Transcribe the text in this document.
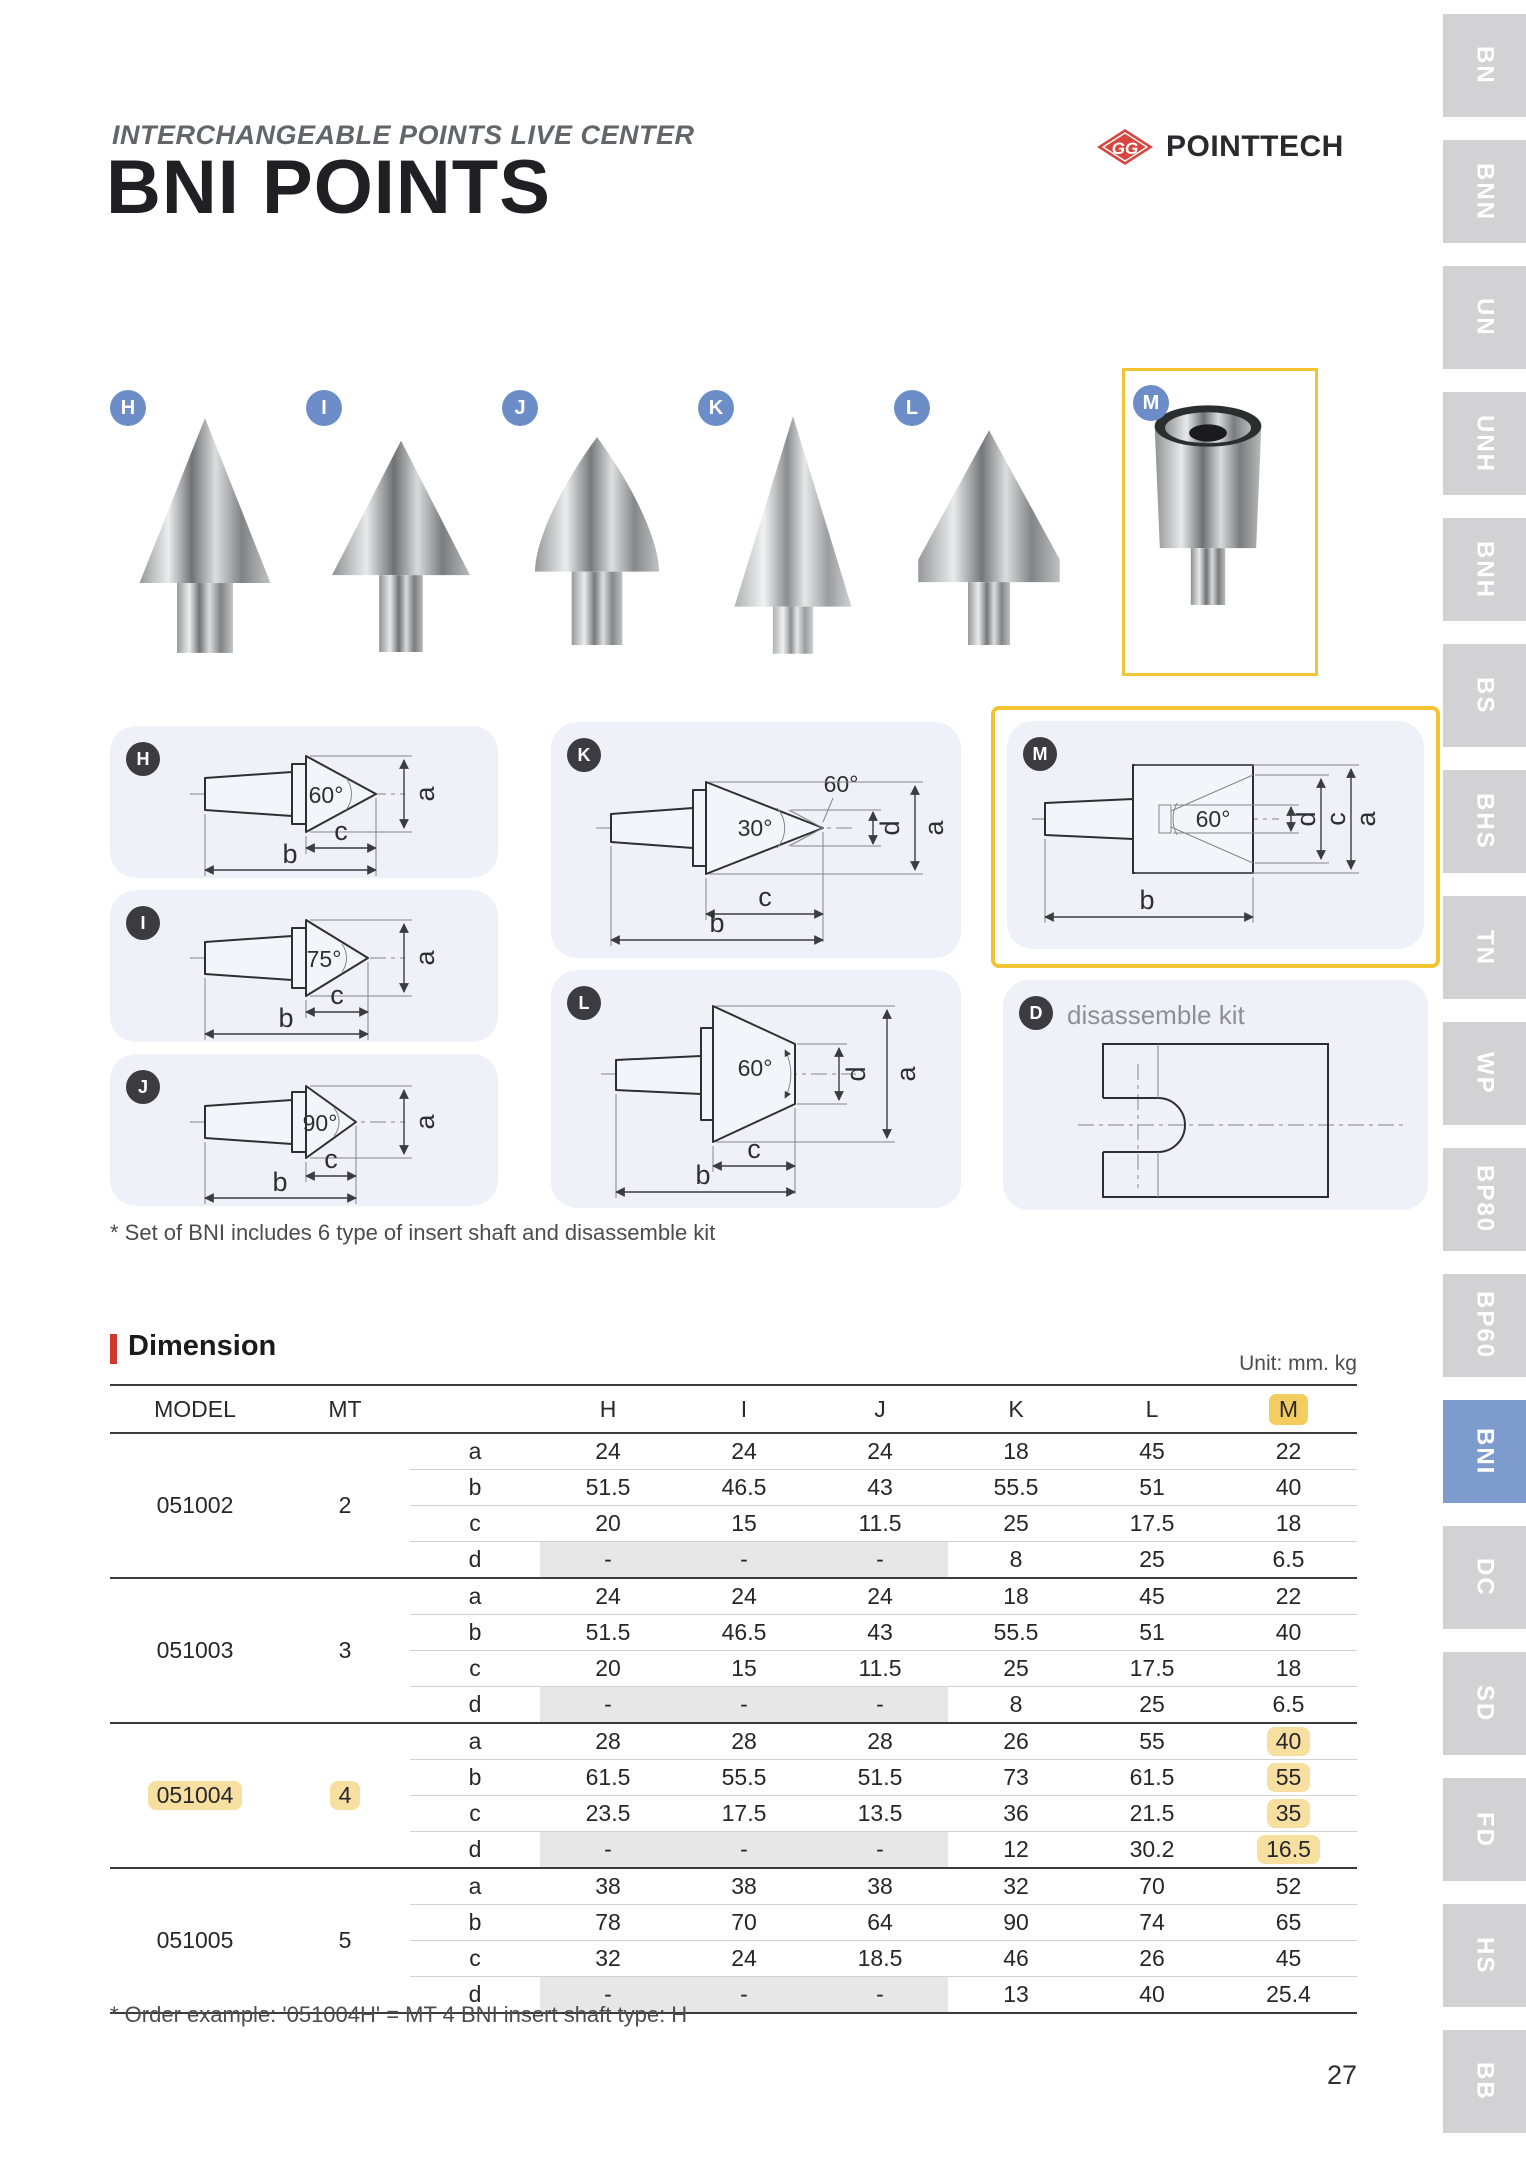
INTERCHANGEABLE POINTS LIVE CENTER	GG POINTTECH
BNI POINTS
H	I	J	K	L	M
H
60° a
c
b
I
75°	a
c
b
J
90°	a
c
b
K
60°
30°	d a
c
b
L
60°	d a
c
b
M
60° d c a
b
D disassemble kit
* Set of BNI includes 6 type of insert shaft and disassemble kit
Dimension
Unit: mm. kg
MODEL	MT		H	I	J	K	L	M
051002	2	a	24	24	24	18	45	22
		b	51.5	46.5	43	55.5	51	40
		c	20	15	11.5	25	17.5	18
		d	-	-	-	8	25	6.5
051003	3	a	24	24	24	18	45	22
		b	51.5	46.5	43	55.5	51	40
		c	20	15	11.5	25	17.5	18
		d	-	-	-	8	25	6.5
051004	4	a	28	28	28	26	55	40
		b	61.5	55.5	51.5	73	61.5	55
		c	23.5	17.5	13.5	36	21.5	35
		d	-	-	-	12	30.2	16.5
051005	5	a	38	38	38	32	70	52
		b	78	70	64	90	74	65
		c	32	24	18.5	46	26	45
		d	-	-	-	13	40	25.4
* Order example: '051004H' = MT 4 BNI insert shaft type: H
27
BN
BNN
UN
UNH
BNH
BS
BHS
TN
WP
BP80
BP60
BNI
DC
SD
FD
HS
BB
